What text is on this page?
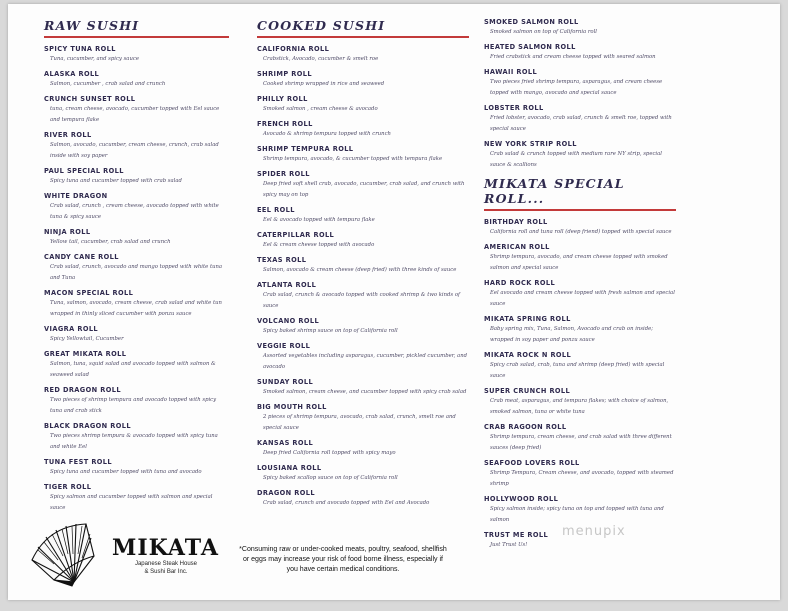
RAW SUSHI
SPICY TUNA ROLL
Tuna, cucumber, and spicy sauce
ALASKA ROLL
Salmon, cucumber , crab salad and crunch
CRUNCH SUNSET ROLL
tuna, cream cheese, avocado, cucumber topped with Eel sauce and tempura flake
RIVER ROLL
Salmon, avocado, cucumber, cream cheese, crunch, crab salad inside with soy paper
PAUL SPECIAL ROLL
Spicy tuna and cucumber topped with crab salad
WHITE DRAGON
Crab salad, crunch , cream cheese, avocado topped with white tuna & spicy sauce
NINJA ROLL
Yellow tail, cucumber, crab salad and crunch
CANDY CANE ROLL
Crab salad, crunch, avocado and mango topped with white tuna and Tuna
MACON SPECIAL ROLL
Tuna, salmon, avocado, cream cheese, crab salad and white tun wrapped in thinly sliced cucumber with ponzu sauce
VIAGRA ROLL
Spicy Yellowtail, Cucumber
GREAT MIKATA ROLL
Salmon, tuna, squid salad and avocado topped with salmon & seaweed salad
RED DRAGON ROLL
Two pieces of shrimp tempura and avocado topped with spicy tuna and crab stick
BLACK DRAGON ROLL
Two pieces shrimp tempura & avocado topped with spicy tuna and white Eel
TUNA FEST ROLL
Spicy tuna and cucumber topped with tuna and avocado
TIGER ROLL
Spicy salmon and cucumber topped with salmon and special sauce
COOKED SUSHI
CALIFORNIA ROLL
Crabstick, Avocado, cucumber & smelt roe
SHRIMP ROLL
Cooked shrimp wrapped in rice and seaweed
PHILLY ROLL
Smoked salmon , cream cheese & avocado
FRENCH ROLL
Avocado & shrimp tempura topped with crunch
SHRIMP TEMPURA ROLL
Shrimp tempura, avocado, & cucumber topped with tempura flake
SPIDER ROLL
Deep fried soft shell crab, avocado, cucumber, crab salad, and crunch with spicy may on top
EEL ROLL
Eel & avocado topped with tempura flake
CATERPILLAR ROLL
Eel & cream cheese topped with avocado
TEXAS ROLL
Salmon, avocado & cream cheese (deep fried) with three kinds of sauce
ATLANTA ROLL
Crab salad, crunch & avocado topped with cooked shrimp & two kinds of sauce
VOLCANO ROLL
Spicy baked shrimp sauce on top of California roll
VEGGIE ROLL
Assorted vegetables including asparagus, cucumber, pickled cucumber, and avocado
SUNDAY ROLL
Smoked salmon, cream cheese, and cucumber topped with spicy crab salad
BIG MOUTH ROLL
2 pieces of shrimp tempura, avocado, crab salad, crunch, smelt roe and special sauce
KANSAS ROLL
Deep fried California roll topped with spicy mayo
LOUSIANA ROLL
Spicy baked scallop sauce on top of California roll
DRAGON ROLL
Crab salad, crunch and avocado topped with Eel and Avocado
SMOKED SALMON ROLL
Smoked salmon on top of California roll
HEATED SALMON ROLL
Fried crabstick and cream cheese topped with seared salmon
HAWAII ROLL
Two pieces fried shrimp tempura, asparagus, and cream cheese topped with mango, avocado and special sauce
LOBSTER ROLL
Fried lobster, avocado, crab salad, crunch & smelt roe, topped with special sauce
NEW YORK STRIP ROLL
Crab salad & crunch topped with medium rare NY strip, special sauce & scallions
MIKATA SPECIAL ROLL...
BIRTHDAY ROLL
California roll and tuna roll (deep friend) topped with special sauce
AMERICAN ROLL
Shrimp tempura, avocado, and cream cheese topped with smoked salmon and special sauce
HARD ROCK ROLL
Eel avocado and cream cheese topped with fresh salmon and special sauce
MIKATA SPRING ROLL
Baby spring mix, Tuna, Salmon, Avocado and crab on inside; wrapped in soy paper and ponzu sauce
MIKATA ROCK N ROLL
Spicy crab salad, crab, tuna and shrimp (deep fried) with special sauce
SUPER CRUNCH ROLL
Crab meat, asparagus, and tempura flakes; with choice of salmon, smoked salmon, tuna or white tuna
CRAB RAGOON ROLL
Shrimp tempura, cream cheese, and crab salad with three different sauces (deep fried)
SEAFOOD LOVERS ROLL
Shrimp Tempura, Cream cheese, and avocado, topped with steamed shrimp
HOLLYWOOD ROLL
Spicy salmon inside; spicy tuna on top and topped with tuna and salmon
TRUST ME ROLL
Just Trust Us!
MIKATA
Japanese Steak House
& Sushi Bar Inc.
*Consuming raw or under-cooked meats, poultry, seafood, shellfish
or eggs may increase your risk of food borne illness, especially if
you have certain medical conditions.
menupix
